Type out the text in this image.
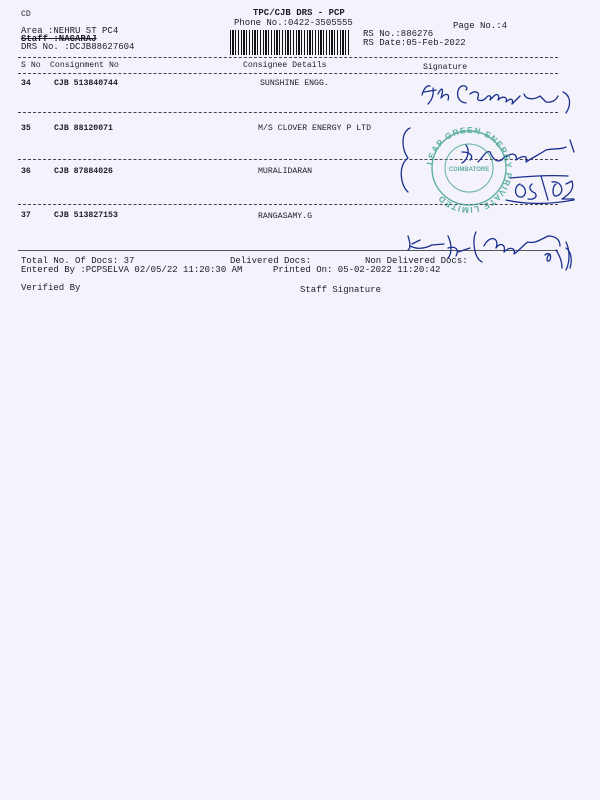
CD	TPC/CJB DRS - PCP
Phone No.:0422-3505555	Page No.:4
Area :NEHRU ST PC4
Staff :NAGARAJ
DRS No. :DCJB88627604
RS No.:886276
RS Date:05-Feb-2022
S No Consignment No	Consignee Details	Signature
34	CJB 513840744	SUNSHINE ENGG.
35	CJB 88120071	M/S CLOVER ENERGY P LTD
36	CJB 87884026	MURALIDARAN
37	CJB 513827153	RANGASAMY.G
Total No. Of Docs: 37	Delivered Docs:	Non Delivered Docs:
Entered By :PCPSELVA 02/05/22 11:20:30 AM	Printed On: 05-02-2022 11:20:42
Verified By	Staff Signature
LEAP GREEN ENERGY PRIVATE LIMITED
COIMBATORE
